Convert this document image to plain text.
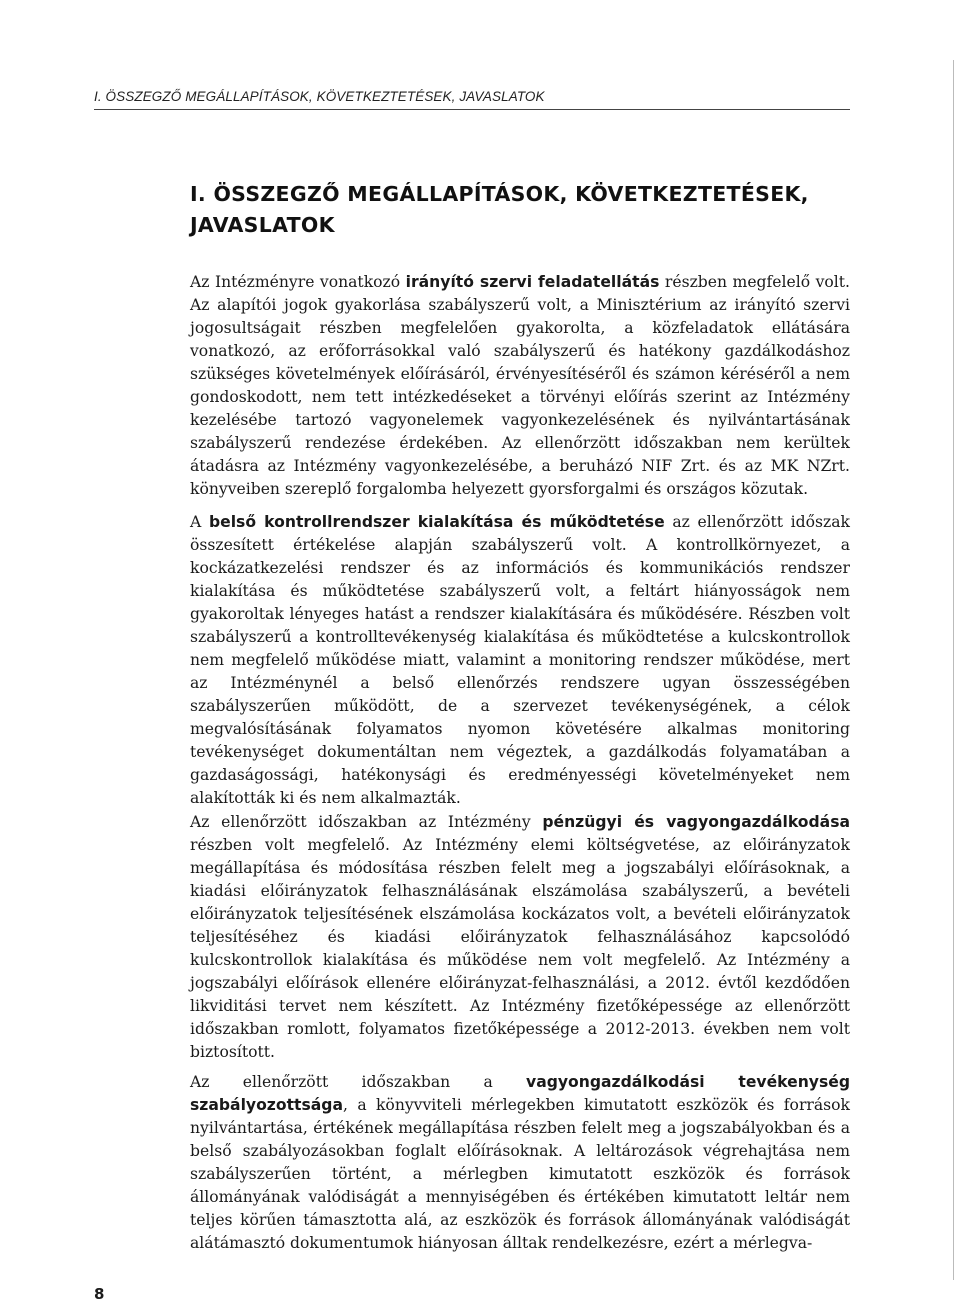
I. ÖSSZEGZŐ MEGÁLLAPÍTÁSOK, KÖVETKEZTETÉSEK, JAVASLATOK
I. ÖSSZEGZŐ MEGÁLLAPÍTÁSOK, KÖVETKEZTETÉSEK,
JAVASLATOK

Az Intézményre vonatkozó irányító szervi feladatellátás részben megfelelő volt. Az alapítói jogok gyakorlása szabályszerű volt, a Minisztérium az irányító szervi jogosultságait részben megfelelően gyakorolta, a közfeladatok ellátására vonatkozó, az erőforrásokkal való szabályszerű és hatékony gazdálkodáshoz szükséges követelmények előírásáról, érvényesítéséről és számon kéréséről a nem gondoskodott, nem tett intézkedéseket a törvényi előírás szerint az Intézmény kezelésébe tartozó vagyonelemek vagyonkezelésének és nyilvántartásának szabályszerű rendezése érdekében. Az ellenőrzött időszakban nem kerültek átadásra az Intézmény vagyonkezelésébe, a beruházó NIF Zrt. és az MK NZrt. könyveiben szereplő forgalomba helyezett gyorsforgalmi és országos közutak.

A belső kontrollrendszer kialakítása és működtetése az ellenőrzött időszak összesített értékelése alapján szabályszerű volt. A kontrollkörnyezet, a kockázatkezelési rendszer és az információs és kommunikációs rendszer kialakítása és működtetése szabályszerű volt, a feltárt hiányosságok nem gyakoroltak lényeges hatást a rendszer kialakítására és működésére. Részben volt szabályszerű a kontrolltevékenység kialakítása és működtetése a kulcskontrollok nem megfelelő működése miatt, valamint a monitoring rendszer működése, mert az Intézménynél a belső ellenőrzés rendszere ugyan összességében szabályszerűen működött, de a szervezet tevékenységének, a célok megvalósításának folyamatos nyomon követésére alkalmas monitoring tevékenységet dokumentáltan nem végeztek, a gazdálkodás folyamatában a gazdaságossági, hatékonysági és eredményességi követelményeket nem alakították ki és nem alkalmazták.

Az ellenőrzött időszakban az Intézmény pénzügyi és vagyongazdálkodása részben volt megfelelő. Az Intézmény elemi költségvetése, az előirányzatok megállapítása és módosítása részben felelt meg a jogszabályi előírásoknak, a kiadási előirányzatok felhasználásának elszámolása szabályszerű, a bevételi előirányzatok teljesítésének elszámolása kockázatos volt, a bevételi előirányzatok teljesítéséhez és kiadási előirányzatok felhasználásához kapcsolódó kulcskontrollok kialakítása és működése nem volt megfelelő. Az Intézmény a jogszabályi előírások ellenére előirányzat-felhasználási, a 2012. évtől kezdődően likviditási tervet nem készített. Az Intézmény fizetőképessége az ellenőrzött időszakban romlott, folyamatos fizetőképessége a 2012-2013. években nem volt biztosított.

Az ellenőrzött időszakban a vagyongazdálkodási tevékenység szabályozottsága, a könyvviteli mérlegekben kimutatott eszközök és források nyilvántartása, értékének megállapítása részben felelt meg a jogszabályokban és a belső szabályozásokban foglalt előírásoknak. A leltározások végrehajtása nem szabályszerűen történt, a mérlegben kimutatott eszközök és források állományának valódiságát a mennyiségében és értékében kimutatott leltár nem teljes körűen támasztotta alá, az eszközök és források állományának valódiságát alátámasztó dokumentumok hiányosan álltak rendelkezésre, ezért a mérlegva-

8
